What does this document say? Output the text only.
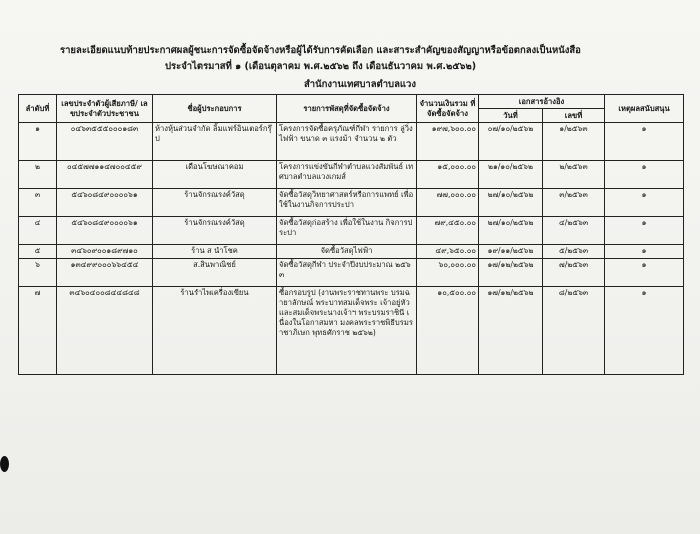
รายละเอียดแนบท้ายประกาศผลผู้ชนะการจัดซื้อจัดจ้างหรือผู้ได้รับการคัดเลือก และสาระสำคัญของสัญญาหรือข้อตกลงเป็นหนังสือ
ประจำไตรมาสที่ ๑ (เดือนตุลาคม พ.ศ.๒๕๖๒ ถึง เดือนธันวาคม พ.ศ.๒๕๖๒)
สำนักงานเทศบาลตำบลแวง
ลำดับที่	เลขประจำตัวผู้เสียภาษี/ เลขประจำตัวประชาชน	ชื่อผู้ประกอบการ	รายการพัสดุที่จัดซื้อจัดจ้าง	จำนวนเงินรวม ที่จัดซื้อจัดจ้าง	เอกสารอ้างอิง		เหตุผลสนับสนุน
					วันที่	เลขที่	
๑	๐๔๖๓๕๕๕๐๐๐๑๘๓	ห้างหุ้นส่วนจำกัด ลิ้มแฟร์อินเตอร์กรุ๊ป	โครงการจัดซื้อครุภัณฑ์กีฬา รายการ ลู่วิ่งไฟฟ้า ขนาด ๓ แรงม้า จำนวน ๒ ตัว	๑๙๗,๖๐๐.๐๐	๐๗/๑๐/๒๕๖๒	๑/๒๕๖๓	๑
๒	๐๔๕๗๗๑๑๔๗๐๐๔๕๙	เดือนโฆษณาคอม	โครงการแข่งขันกีฬาตำบลแวงสัมพันธ์ เทศบาลตำบลแวงเกมส์	๑๕,๐๐๐.๐๐	๒๑/๑๐/๒๕๖๒	๒/๒๕๖๓	๑
๓	๕๔๖๐๘๔๙๐๐๐๐๖๑	ร้านจักรณรงค์วัสดุ	จัดซื้อวัสดุวิทยาศาสตร์หรือการแพทย์ เพื่อใช้ในงานกิจการประปา	๗๗,๐๐๐.๐๐	๒๗/๑๐/๒๕๖๒	๓/๒๕๖๓	๑
๔	๕๔๖๐๘๔๙๐๐๐๐๖๑	ร้านจักรณรงค์วัสดุ	จัดซื้อวัสดุก่อสร้าง เพื่อใช้ในงาน กิจการประปา	๗๙,๔๕๐.๐๐	๒๗/๑๐/๒๕๖๒	๔/๒๕๖๓	๑
๕	๓๔๖๐๙๐๐๑๘๙๗๑๐	ร้าน ส นำโชค	จัดซื้อวัสดุไฟฟ้า	๔๙,๖๕๐.๐๐	๑๙/๑๑/๒๕๖๒	๕/๒๕๖๓	๑
๖	๑๓๔๙๙๐๐๐๖๖๔๕๔	ส.สินพาณิชย์	จัดซื้อวัสดุกีฬา ประจำปีงบประมาณ ๒๕๖๓	๖๐,๐๐๐.๐๐	๑๗/๑๒/๒๕๖๒	๗/๒๕๖๓	๑
๗	๓๔๖๐๔๐๐๘๔๔๘๔๘	ร้านรำไพเครื่องเขียน	ซื้อกรอบรูป (งานพระราชทานพระ บรมฉายาลักษณ์ พระบาทสมเด็จพระ เจ้าอยู่หัว และสมเด็จพระนางเจ้าฯ พระบรมราชินี เนื่องในโอกาสมหา มงคลพระราชพิธีบรมราชาภิเษก พุทธศักราช ๒๕๖๒)	๑๐,๕๐๐.๐๐	๑๗/๑๒/๒๕๖๒	๘/๒๕๖๓	๑
